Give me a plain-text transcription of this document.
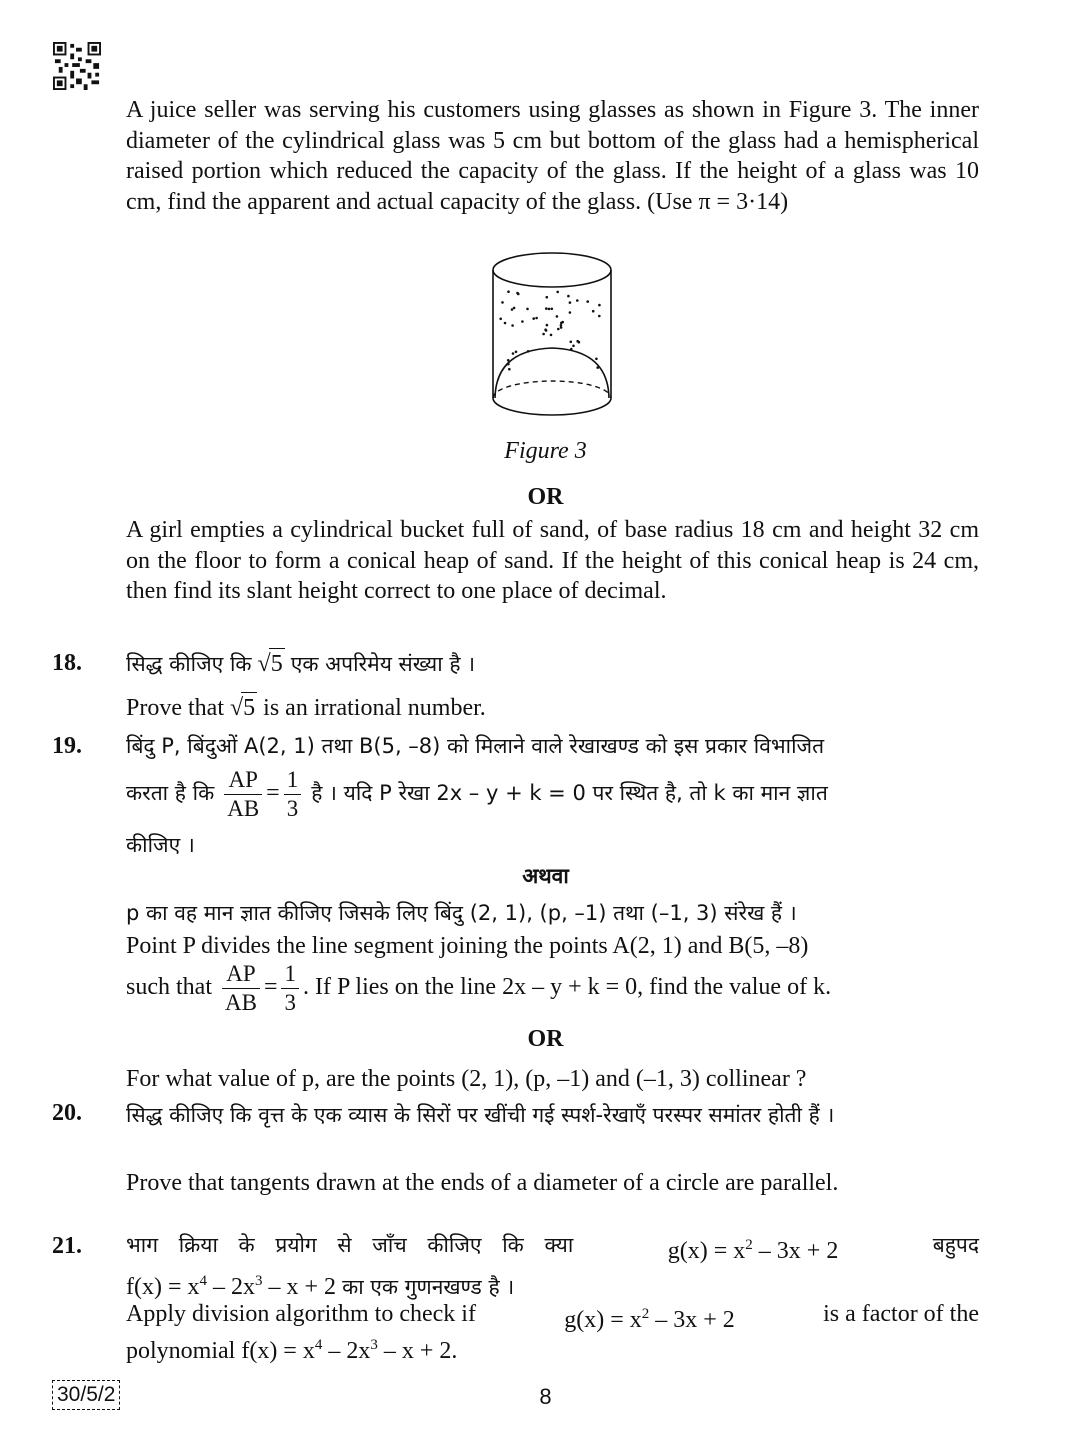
A juice seller was serving his customers using glasses as shown in Figure 3. The inner diameter of the cylindrical glass was 5 cm but bottom of the glass had a hemispherical raised portion which reduced the capacity of the glass. If the height of a glass was 10 cm, find the apparent and actual capacity of the glass. (Use π = 3·14)

Figure 3
OR

A girl empties a cylindrical bucket full of sand, of base radius 18 cm and height 32 cm on the floor to form a conical heap of sand. If the height of this conical heap is 24 cm, then find its slant height correct to one place of decimal.

18. सिद्ध कीजिए कि √5 एक अपरिमेय संख्या है ।
Prove that √5 is an irrational number.
19. बिंदु P, बिंदुओं A(2, 1) तथा B(5, –8) को मिलाने वाले रेखाखण्ड को इस प्रकार विभाजित
करता है कि $\frac{AP}{AB} = \frac{1}{3}$ है । यदि P रेखा 2x – y + k = 0 पर स्थित है, तो k का मान ज्ञात
कीजिए ।
अथवा
p का वह मान ज्ञात कीजिए जिसके लिए बिंदु (2, 1), (p, –1) तथा (–1, 3) संरेख हैं ।
Point P divides the line segment joining the points A(2, 1) and B(5, –8)
such that $\frac{AP}{AB} = \frac{1}{3}$ . If P lies on the line 2x – y + k = 0, find the value of k.
OR
For what value of p, are the points (2, 1), (p, –1) and (–1, 3) collinear ?
20. सिद्ध कीजिए कि वृत्त के एक व्यास के सिरों पर खींची गई स्पर्श-रेखाएँ परस्पर समांतर होती हैं ।
Prove that tangents drawn at the ends of a diameter of a circle are parallel.
21. भाग क्रिया के प्रयोग से जाँच कीजिए कि क्या	$g(x) = x^2 - 3x + 2$	बहुपद
$f(x) = x^4 - 2x^3 - x + 2$ का एक गुणनखण्ड है ।
Apply division algorithm to check if	$g(x) = x^2 - 3x + 2$	is a factor of the
polynomial $f(x) = x^4 - 2x^3 - x + 2$.
30/5/2	8
